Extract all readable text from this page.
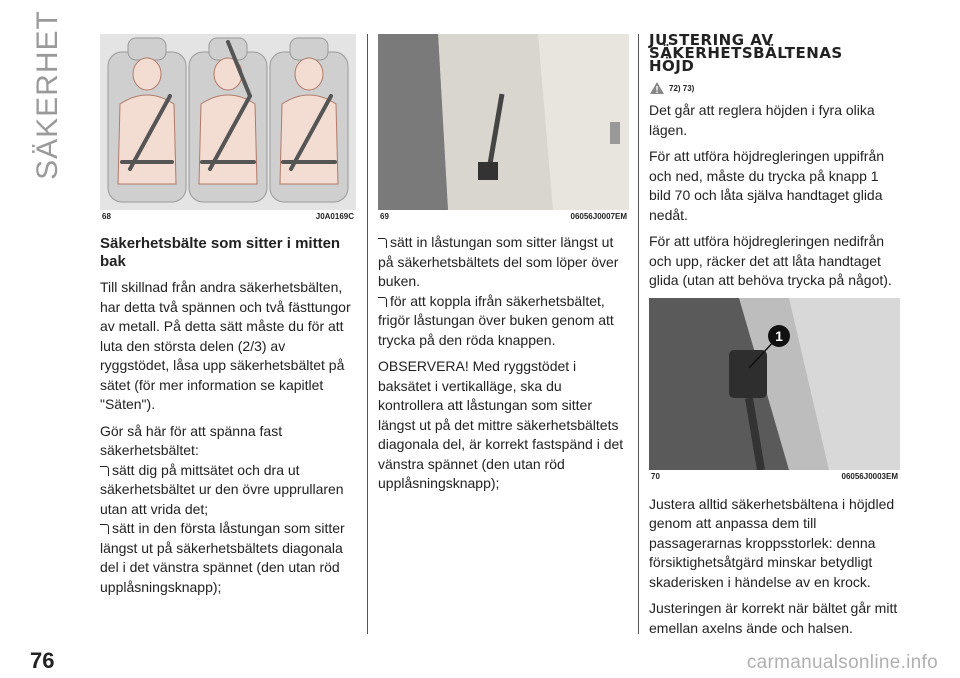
SÄKERHET
68	J0A0169C

Säkerhetsbälte som sitter i mitten bak

Till skillnad från andra säkerhetsbälten, har detta två spännen och två fästtungor av metall. På detta sätt måste du för att luta den största delen (2/3) av ryggstödet, låsa upp säkerhetsbältet på sätet (för mer information se kapitlet "Säten").

Gör så här för att spänna fast säkerhetsbältet:

sätt dig på mittsätet och dra ut säkerhetsbältet ur den övre upprullaren utan att vrida det;

sätt in den första låstungan som sitter längst ut på säkerhetsbältets diagonala del i det vänstra spännet (den utan röd upplåsningsknapp);

69	06056J0007EM

sätt in låstungan som sitter längst ut på säkerhetsbältets del som löper över buken.

för att koppla ifrån säkerhetsbältet, frigör låstungan över buken genom att trycka på den röda knappen.

OBSERVERA! Med ryggstödet i baksätet i vertikalläge, ska du kontrollera att låstungan som sitter längst ut på det mittre säkerhetsbältets diagonala del, är korrekt fastspänd i det vänstra spännet (den utan röd upplåsningsknapp);

JUSTERING AV
SÄKERHETSBÄLTENAS
HÖJD

72) 73)

Det går att reglera höjden i fyra olika lägen.

För att utföra höjdregleringen uppifrån och ned, måste du trycka på knapp 1 bild 70 och låta själva handtaget glida nedåt.

För att utföra höjdregleringen nedifrån och upp, räcker det att låta handtaget glida (utan att behöva trycka på något).

1
70	06056J0003EM

Justera alltid säkerhetsbältena i höjdled genom att anpassa dem till passagerarnas kroppsstorlek: denna försiktighetsåtgärd minskar betydligt skaderisken i händelse av en krock.

Justeringen är korrekt när bältet går mitt emellan axelns ände och halsen.

76	carmanualsonline.info
